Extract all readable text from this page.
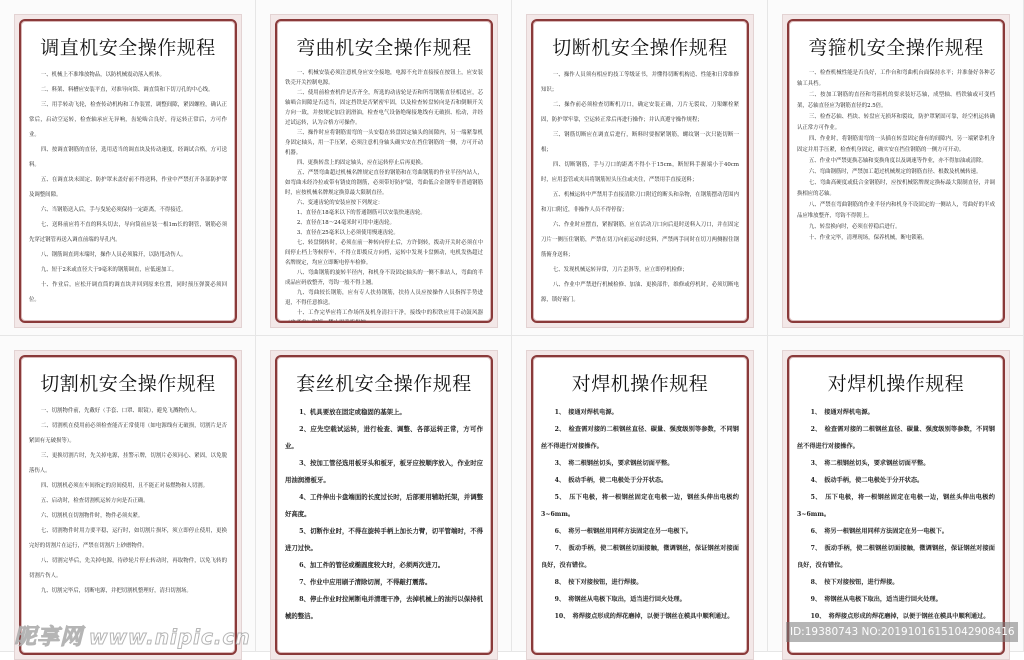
调直机安全操作规程
一、机械上不准堆放物品，以防机械震动落入机体。
二、料架、料槽应安装平直，对准导向筒、调直筒和下切刀孔的中心线。
三、用手转动飞轮，检查传动机构和工作装置，调整间隙，紧固螺栓，确认正常后，启动空运转，检查轴承应无异响，齿轮啮合良好，待运转正常后，方可作业。
四、按调直钢筋的直径，选用适当的调直块及传动速度，经调试合格，方可送料。
五、在调直块未固定、防护罩未盖好前不得送料，作业中严禁打开各部防护罩及调整间隙。
六、当钢筋送入后，手与曳轮必须保持一定距离，不得接近。
七、送料前应将不直的料头切去，导向筒前应装一根1m长的钢管，钢筋必须先穿过钢管再送入调直前端的导孔内。
八、钢筋调直到末端时，操作人员必须躲开，以防甩动伤人。
九、短于2米或直径大于9毫米的钢筋调直，应低速加工。
十、作业后，应松开调直筒的调直块并回到原来位置，同时预压弹簧必须回位。
弯曲机安全操作规程
一、机械安装必须注意机身应安全接地，电源不允许直接接在按钮上，应安装铁壳开关控制电源。
二、使用前检查机件是否齐全，所选的动齿轮是否和所弯钢筋直径相适应，芯轴啮合间隙是否适当，固定挡铁是否紧密牢固，以及检查转盘转向是否和倒顺开关方向一致，并按规定加注润滑油，检查电气设备绝缘接地线有无破损、松动，并经过试运转，认为合格方可操作。
三、操作时应将钢筋需弯的一头安稳在转盘固定轴头的间隙内，另一端紧靠机身固定轴头，用一手压紧，必须注意机身轴头确实安在挡住钢筋的一侧，方可开动机器。
四、更换转盘上的固定轴头，应在运转停止后再更换。
五、严禁弯曲超过机械名牌规定直径的钢筋和在弯曲钢筋的作业半径内站人，如弯曲未经冷拉或带有锈皮的钢筋，必须带好防护镜，弯曲低合金钢等非普通钢筋时，应按机械名牌规定换算最大限制直径。
六、变速齿轮的安装应按下列规定：
1、直径在18毫米以下的普通钢筋可以安装快速齿轮。
2、直径在18～24毫米时可用中速齿轮。
3、直径在25毫米以上必须使用慢速齿轮。
七、转盘倒转时，必须在前一种转向停止后，方许倒转，拨动开关时必须在中间停止档上等候停车，不得立即拨反方向档，运转中发现卡盘颤动，电机发热超过名牌规定，均应立即断电停车检修。
八、弯曲钢筋的旋转半径内，和机身不设固定轴头的一侧不准站人，弯曲的半成品应码放整齐，弯钩一般不得上翘。
九、弯曲较长钢筋，应有专人扶持钢筋，扶持人员应按操作人员指挥手势进退，不得任意推送。
十、工作完毕应将工作场所及机身清扫干净，接线中的积铁应用手动鼓风器（皮老虎）吹掉，禁止用手指抠挖。
切断机安全操作规程
一、操作人员须有相应的技工等级证书，并懂得切断机构造、性能和日常维修知识；
二、操作前必须检查切断机刀口，确定安装正确，刀片无裂纹，刀架螺栓紧固，防护罩牢靠，空运转正常后再进行操作；并认真遵守操作规程；
三、钢筋切断应在调直后进行，断料时要握紧钢筋，螺纹钢一次只能切断一根；
四、切断钢筋，手与刀口的距离不得小于15cm，断短料手握端小于40cm时，应用套管或夹具将钢筋短头压住或夹住，严禁用手直接送料；
五、机械运转中严禁用手直接清除刀口附近的断头和杂物，在钢筋摆动范围内和刀口附近，非操作人员不得停留；
六、作业时应摆直，紧握钢筋，应在活动刀口向后退时送料入刀口，并在固定刀片一侧压住钢筋，严禁在切刀向前运动时送料，严禁两手同时在切刀两侧握住钢筋俯身送料；
七、发现机械运转异常，刀片歪斜等，应立即停机检修；
八、作业中严禁进行机械检修、加油、更换部件，维修或停机时，必须切断电源，锁好箱门。
弯箍机安全操作规程
一、检查机械性能是否良好，工作台和弯曲机台面保持水平；并准备好各种芯轴工具档。
二、按加工钢筋的直径和弯箍机的要求装好芯轴，成型轴、档铁轴或可变档架，芯轴直径应为钢筋直径的2.5倍。
三、检查芯轴、档块、转盘应无损坏和裂纹，防护罩紧固可靠，经空机运转确认正常方可作业。
四、作业时，将钢筋需弯的一头插在转盘固定备有的间隙内，另一端紧靠机身固定并用手压紧，检查机身固定，确实安在挡住钢筋的一侧方可开动。
五、作业中严禁更换芯轴和变换角度以及调速等作业，亦不得加油或清除。
六、弯曲钢筋时，严禁加工超过机械规定的钢筋直径、根数及机械转速。
七、弯曲高硬度或低合金钢筋时，应按机械铭牌规定换标最大限制直径，并调换相应的芯轴。
八、严禁在弯曲钢筋的作业半径内和机身不设固定的一侧站人，弯曲好的半成品应堆放整齐，弯钩不得朝上。
九、转盘换向时，必须在停稳后进行。
十、作业完毕，清理现场，保养机械，断电锁箱。
切割机安全操作规程
一、切割物件前，先戴好（手套、口罩、眼镜），避免飞溅物伤人。
二、切割机在使用前必须检查能否正常使用（如电源线有无破损，切割片是否紧固有无破损等）。
三、更换切割片时，先关掉电源，挂警示牌，切割片必须同心、紧固，以免脱落伤人。
四、切割机必须在车间指定的房间使用，且不能正对易燃物和人切割。
五、启动时，检查切割机运转方向是否正确。
六、切割机在切割物件时，物件必须夹紧。
七、切割物件时用力要平稳，运行时，如切割片损坏，须立即停止使用，更换完好的切割片在运行，严禁在切割片上砂磨物件。
八、切割完毕后，先关掉电源，待砂轮片停止转动时，再取物件，以免飞转的切割片伤人。
九、切割完毕后，切断电源，并把切割机整理好，清扫切割场。
套丝机安全操作规程
1、机具要放在固定或稳固的基架上。
2、应先空载试运转，进行检查、调整、各部运转正常，方可作业。
3、按加工管径选用板牙头和板牙，板牙应按顺序放入，作业时应用油润滑板牙。
4、工件伸出卡盘端面的长度过长时，后部要用辅助托架，并调整好高度。
5、切断作业时，不得在旋转手柄上加长力臂，切平管端时，不得进刀过快。
6、加工件的管径或椭圆度较大时，必须两次进刀。
7、作业中应用刷子清除切屑，不得敲打震落。
8、停止作业时拉闸断电并清理干净，去掉机械上的油污以保持机械的整洁。
对焊机操作规程
1、　接通对焊机电源。
2、　检查需对接的二根钢丝直径、碳量、强度级别等参数，不同钢丝不得进行对接操作。
3、　将二根钢丝切头，要求钢丝切面平整。
4、　扳动手柄，使二电极处于分开状态。
5、　压下电极，将一根钢丝固定在电极一边，钢丝头伸出电极约3~6mm。
6、　将另一根钢丝用同样方法固定在另一电极下。
7、　扳动手柄，使二根钢丝切面接触，微调钢丝，保证钢丝对接面良好，没有错位。
8、　按下对接按钮，进行焊接。
9、　将钢丝从电极下取出，适当进行回火处理。
10、　将焊接点形成的焊花磨掉，以便于钢丝在模具中顺利通过。
对焊机操作规程
1、　接通对焊机电源。
2、　检查需对接的二根钢丝直径、碳量、强度级别等参数，不同钢丝不得进行对接操作。
3、　将二根钢丝切头，要求钢丝切面平整。
4、　扳动手柄，使二电极处于分开状态。
5、　压下电极，将一根钢丝固定在电极一边，钢丝头伸出电极约3~6mm。
6、　将另一根钢丝用同样方法固定在另一电极下。
7、　扳动手柄，使二根钢丝切面接触，微调钢丝，保证钢丝对接面良好，没有错位。
8、　按下对接按钮，进行焊接。
9、　将钢丝从电极下取出，适当进行回火处理。
10、　将焊接点形成的焊花磨掉，以便于钢丝在模具中顺利通过。
昵享网 www.nipic.cn	ID:19380743 NO:20191016151042908416
